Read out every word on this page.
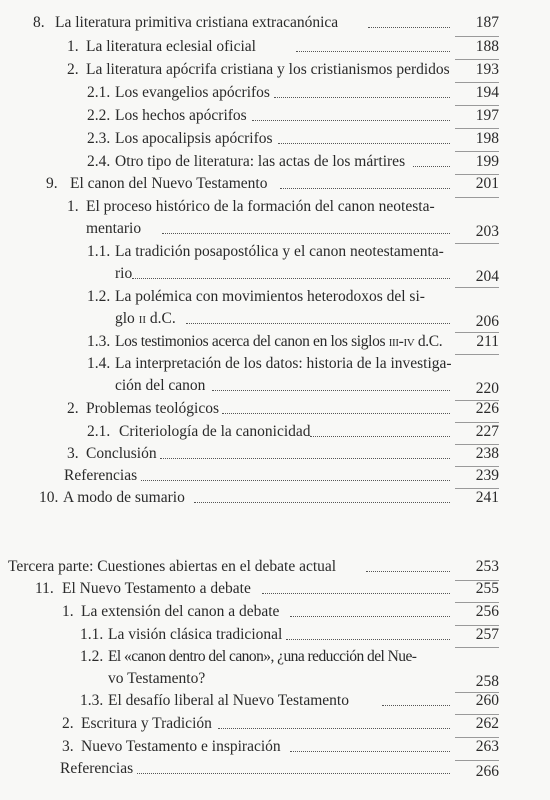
8. La literatura primitiva cristiana extracanónica	187
1. La literatura eclesial oficial	188
2. La literatura apócrifa cristiana y los cristianismos perdidos	193
2.1. Los evangelios apócrifos	194
2.2. Los hechos apócrifos	197
2.3. Los apocalipsis apócrifos	198
2.4. Otro tipo de literatura: las actas de los mártires	199
9. El canon del Nuevo Testamento	201
1. El proceso histórico de la formación del canon neotesta-
mentario	203
1.1. La tradición posapostólica y el canon neotestamenta-
rio	204
1.2. La polémica con movimientos heterodoxos del si-
glo ii d.C.	206
1.3. Los testimonios acerca del canon en los siglos iii-iv d.C.	211
1.4. La interpretación de los datos: historia de la investiga-
ción del canon	220
2. Problemas teológicos	226
2.1. Criteriología de la canonicidad	227
3. Conclusión	238
Referencias	239
10. A modo de sumario	241
Tercera parte: Cuestiones abiertas en el debate actual	253
11. El Nuevo Testamento a debate	255
1. La extensión del canon a debate	256
1.1. La visión clásica tradicional	257
1.2. El «canon dentro del canon», ¿una reducción del Nue-
vo Testamento?	258
1.3. El desafío liberal al Nuevo Testamento	260
2. Escritura y Tradición	262
3. Nuevo Testamento e inspiración	263
Referencias	266
